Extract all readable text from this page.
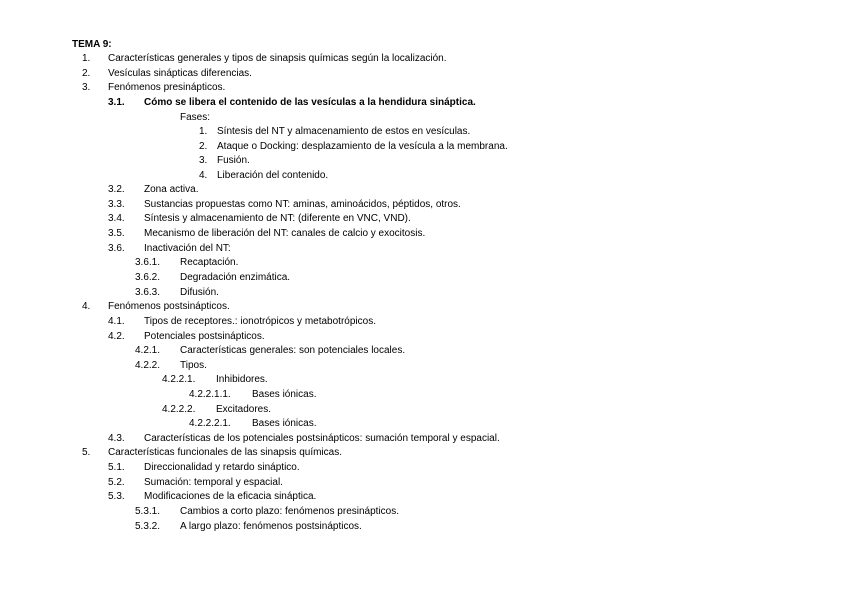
TEMA 9:
1. Características generales y tipos de sinapsis químicas según la localización.
2. Vesículas sinápticas diferencias.
3. Fenómenos presinápticos.
3.1. Cómo se libera el contenido de las vesículas a la hendidura sináptica.
Fases:
1. Síntesis del NT y almacenamiento de estos en vesículas.
2. Ataque o Docking: desplazamiento de la vesícula a la membrana.
3. Fusión.
4. Liberación del contenido.
3.2. Zona activa.
3.3. Sustancias propuestas como NT: aminas, aminoácidos, péptidos, otros.
3.4. Síntesis y almacenamiento de NT: (diferente en VNC, VND).
3.5. Mecanismo de liberación del NT: canales de calcio y exocitosis.
3.6. Inactivación del NT:
3.6.1. Recaptación.
3.6.2. Degradación enzimática.
3.6.3. Difusión.
4. Fenómenos postsinápticos.
4.1. Tipos de receptores.: ionotrópicos y metabotrópicos.
4.2. Potenciales postsinápticos.
4.2.1. Características generales: son potenciales locales.
4.2.2. Tipos.
4.2.2.1. Inhibidores.
4.2.2.1.1. Bases iónicas.
4.2.2.2. Excitadores.
4.2.2.2.1. Bases iónicas.
4.3. Características de los potenciales postsinápticos: sumación temporal y espacial.
5. Características funcionales de las sinapsis químicas.
5.1. Direccionalidad y retardo sináptico.
5.2. Sumación: temporal y espacial.
5.3. Modificaciones de la eficacia sináptica.
5.3.1. Cambios a corto plazo: fenómenos presinápticos.
5.3.2. A largo plazo: fenómenos postsinápticos.
